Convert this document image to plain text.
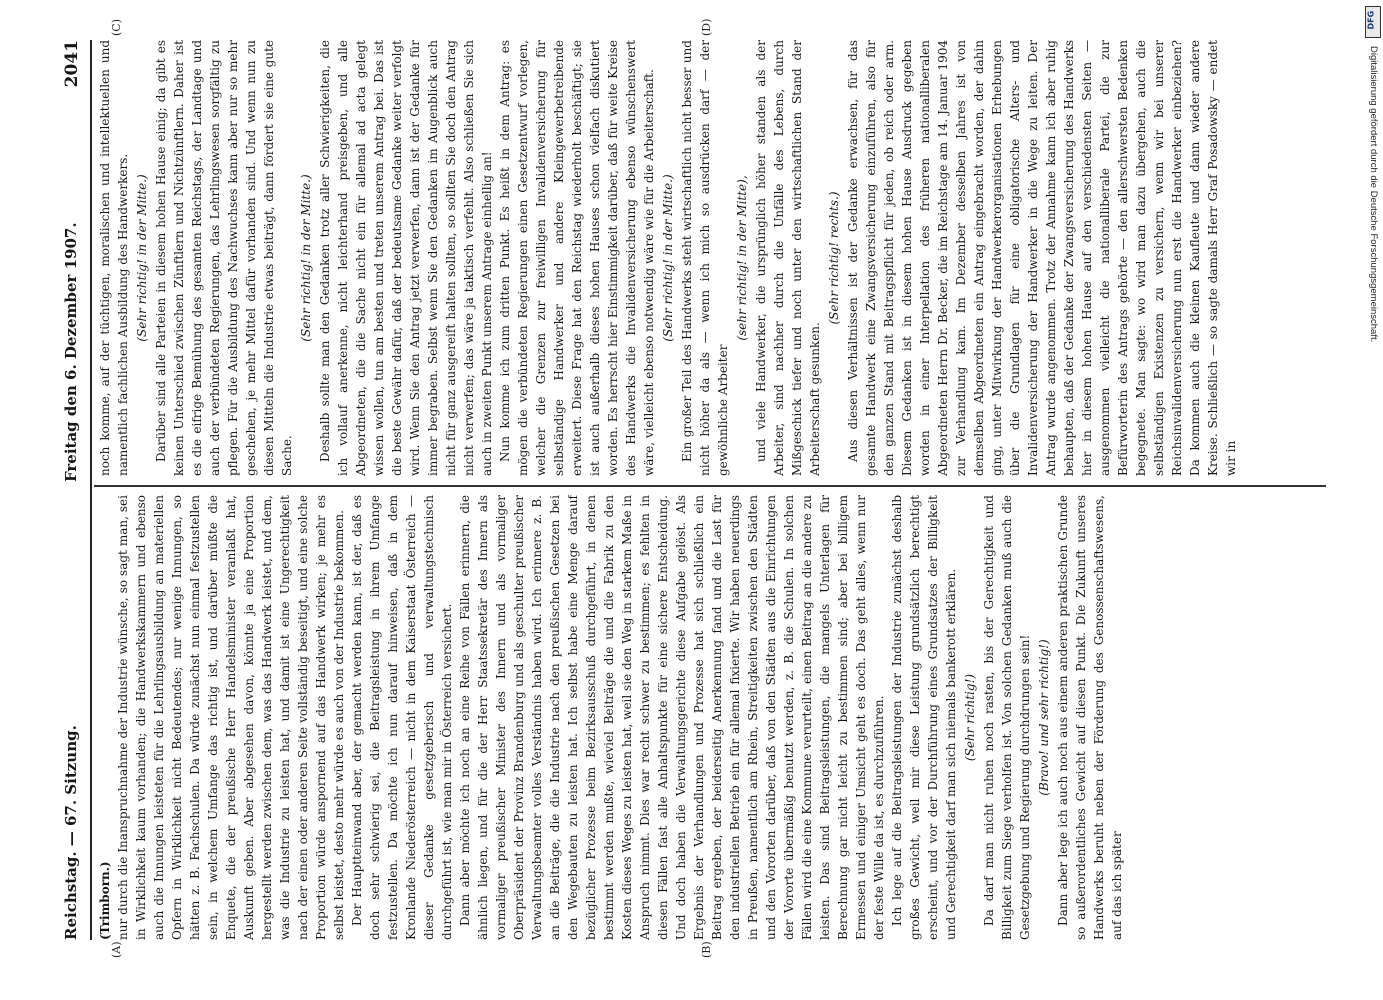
Reichstag. — 67. Sitzung.
Freitag den 6. Dezember 1907.
2041
(A)	(B)
(C)	(D)

(Trimborn.) nur durch die Inanspruchnahme der Industrie wünsche, so sagt man, sei in Wirklichkeit kaum vorhanden; die Handwerkskammern und ebenso auch die Innungen leisteten für die Lehrlingsausbildung an materiellen Opfern in Wirklichkeit nicht Bedeutendes; nur wenige Innungen, so hätten z. B. Fachschulen. Da würde zunächst nun einmal festzustellen sein, in welchem Umfange das richtig ist, und darüber müßte die Enquete, die der preußische Herr Handelsminister veranlaßt hat, Auskunft geben. Aber abgesehen davon, könnte ja eine Proportion hergestellt werden zwischen dem, was das Handwerk leistet, und dem, was die Industrie zu leisten hat, und damit ist eine Ungerechtigkeit nach der einen oder anderen Seite vollständig beseitigt, und eine solche Proportion würde anspornend auf das Handwerk wirken; je mehr es selbst leistet, desto mehr würde es auch von der Industrie bekommen. Der Hauptteinwand aber, der gemacht werden kann, ist der, daß es doch sehr schwierig sei, die Beitragsleistung in ihrem Umfange festzustellen. Da möchte ich nun darauf hinweisen, daß in dem Kronlande Niederösterreich — nicht in dem Kaiserstaat Österreich — dieser Gedanke gesetzgeberisch und verwaltungstechnisch durchgeführt ist, wie man mir in Österreich versichert. Dann aber möchte ich noch an eine Reihe von Fällen erinnern, die ähnlich liegen, und für die der Herr Staatssekretär des Innern als vormaliger preußischer Minister des Innern und als vormaliger Oberpräsident der Provinz Brandenburg und als geschulter preußischer Verwaltungsbeamter volles Verständnis haben wird. Ich erinnere z. B. an die Beiträge, die die Industrie nach den preußischen Gesetzen bei den Wegebauten zu leisten hat. Ich selbst habe eine Menge darauf bezüglicher Prozesse beim Bezirksausschuß durchgeführt, in denen bestimmt werden mußte, wieviel Beiträge die und die Fabrik zu den Kosten dieses Weges zu leisten hat, weil sie den Weg in starkem Maße in Anspruch nimmt. Dies war recht schwer zu bestimmen; es fehlten in diesen Fällen fast alle Anhaltspunkte für eine sichere Entscheidung. Und doch haben die Verwaltungsgerichte diese Aufgabe gelöst. Als Ergebnis der Verhandlungen und Prozesse hat sich schließlich ein Beitrag ergeben, der beiderseitig Anerkennung fand und die Last für den industriellen Betrieb ein für allemal fixierte. Wir haben neuerdings in Preußen, namentlich am Rhein, Streitigkeiten zwischen den Städten und den Vororten darüber, daß von den Städten aus die Einrichtungen der Vororte übermäßig benutzt werden, z. B. die Schulen. In solchen Fällen wird die eine Kommune verurteilt, einen Beitrag an die andere zu leisten. Das sind Beitragsleistungen, die mangels Unterlagen für Berechnung gar nicht leicht zu bestimmen sind; aber bei billigem Ermessen und einiger Umsicht geht es doch. Das geht alles, wenn nur der feste Wille da ist, es durchzuführen. Ich lege auf die Beitragsleistungen der Industrie zunächst deshalb großes Gewicht, weil mir diese Leistung grundsätzlich berechtigt erscheint, und vor der Durchführung eines Grundsatzes der Billigkeit und Gerechtigkeit darf man sich niemals bankerott erklären. (Sehr richtig!) Da darf man nicht ruhen noch rasten, bis der Gerechtigkeit und Billigkeit zum Siege verholfen ist. Von solchen Gedanken muß auch die Gesetzgebung und Regierung durchdrungen sein! (Bravo! und sehr richtig!) Dann aber lege ich auch noch aus einem anderen praktischen Grunde so außerordentliches Gewicht auf diesen Punkt. Die Zukunft unseres Handwerks beruht neben der Förderung des Genossenschaftswesens, auf das ich später

noch komme, auf der tüchtigen, moralischen und intellektuellen und namentlich fachlichen Ausbildung des Handwerkers. (Sehr richtig! in der Mitte.) Darüber sind alle Parteien in diesem hohen Hause einig; da gibt es keinen Unterschied zwischen Zünftlern und Nichtzünftlern. Daher ist es die eifrige Bemühung des gesamten Reichstags, der Landtage und auch der verbündeten Regierungen, das Lehrlingswesen sorgfältig zu pflegen. Für die Ausbildung des Nachwuchses kann aber nur so mehr geschehen, je mehr Mittel dafür vorhanden sind. Und wenn nun zu diesen Mitteln die Industrie etwas beiträgt, dann fördert sie eine gute Sache.

(Sehr richtig! in der Mitte.) Deshalb sollte man den Gedanken trotz aller Schwierigkeiten, die ich vollauf anerkenne, nicht leichterhand preisgeben, und alle Abgeordneten, die die Sache nicht ein für allemal ad acta gelegt wissen wollen, tun am besten und treten unserem Antrag bei. Das ist die beste Gewähr dafür, daß der bedeutsame Gedanke weiter verfolgt wird. Wenn Sie den Antrag jetzt verwerfen, dann ist der Gedanke für immer begraben. Selbst wenn Sie den Gedanken im Augenblick auch nicht für ganz ausgereift halten sollten, so sollten Sie doch den Antrag nicht verwerfen; das wäre ja taktisch verfehlt. Also schließen Sie sich auch in zweiten Punkt unserem Antrage einhellig an! Nun komme ich zum dritten Punkt. Es heißt in dem Antrag: es mögen die verbündeten Regierungen einen Gesetzentwurf vorlegen, welcher die Grenzen zur freiwilligen Invalidenversicherung für selbständige Handwerker und andere Kleingewerbetreibende erweitert. Diese Frage hat den Reichstag wiederholt beschäftigt; sie ist auch außerhalb dieses hohen Hauses schon vielfach diskutiert worden. Es herrscht hier Einstimmigkeit darüber, daß für weite Kreise des Handwerks die Invalidenversicherung ebenso wünschenswert wäre, vielleicht ebenso notwendig wäre wie für die Arbeiterschaft. (Sehr richtig! in der Mitte.) Ein großer Teil des Handwerks steht wirtschaftlich nicht besser und nicht höher da als — wenn ich mich so ausdrücken darf — der gewöhnliche Arbeiter

(sehr richtig! in der Mitte), und viele Handwerker, die ursprünglich höher standen als der Arbeiter, sind nachher durch die Unfälle des Lebens, durch Mißgeschick tiefer und noch unter den wirtschaftlichen Stand der Arbeiterschaft gesunken.

(Sehr richtig! rechts.) Aus diesen Verhältnissen ist der Gedanke erwachsen, für das gesamte Handwerk eine Zwangsversicherung einzuführen, also für den ganzen Stand mit Beitragspflicht für jeden, ob reich oder arm. Diesem Gedanken ist in diesem hohen Hause Ausdruck gegeben worden in einer Interpellation des früheren nationalliberalen Abgeordneten Herrn Dr. Becker, die im Reichstage am 14. Januar 1904 zur Verhandlung kam. Im Dezember desselben Jahres ist von demselben Abgeordneten ein Antrag eingebracht worden, der dahin ging, unter Mitwirkung der Handwerkerorganisationen Erhebungen über die Grundlagen für eine obligatorische Alters- und Invalidenversicherung der Handwerker in die Wege zu leiten. Der Antrag wurde angenommen. Trotz der Annahme kann ich aber ruhig behaupten, daß der Gedanke der Zwangsversicherung des Handwerks hier in diesem hohen Hause auf den verschiedensten Seiten — ausgenommen vielleicht die nationalliberale Partei, die zur Befürworterin des Antrags gehörte — den allerschwersten Bedenken begegnete. Man sagte: wo wird man dazu übergehen, auch die selbständigen Existenzen zu versichern, wenn wir bei unserer Reichsinvalidenversicherung nun erst die Handwerker einbeziehen? Da kommen auch die kleinen Kaufleute und dann wieder andere Kreise. Schließlich — so sagte damals Herr Graf Posadowsky — endet wir in

DFG
Digitalisierung gefördert durch die Deutsche Forschungsgemeinschaft.
